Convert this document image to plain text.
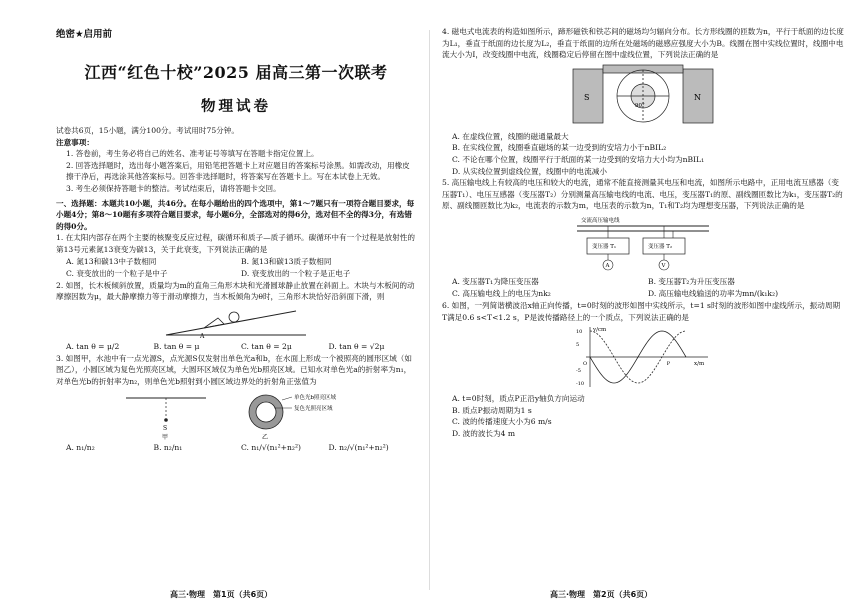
绝密★启用前
江西“红色十校”2025 届高三第一次联考
物理试卷
试卷共6页，15小题，满分100分。考试用时75分钟。
注意事项：
1. 答卷前，考生务必将自己的姓名、准考证号等填写在答题卡指定位置上。
2. 回答选择题时，选出每小题答案后，用铅笔把答题卡上对应题目的答案标号涂黑。如需改动，用橡皮擦干净后，再选涂其他答案标号。回答非选择题时，将答案写在答题卡上。写在本试卷上无效。
3. 考生必须保持答题卡的整洁。考试结束后，请将答题卡交回。
一、选择题：本题共10小题，共46分。在每小题给出的四个选项中，第1～7题只有一项符合题目要求，每小题4分；第8～10题有多项符合题目要求，每小题6分，全部选对的得6分，选对但不全的得3分，有选错的得0分。
1. 在太阳内部存在两个主要的核聚变反应过程，碳循环和质子—质子循环。碳循环中有一个过程是放射性的第13号元素氮13衰变为碳13，关于此衰变，下列说法正确的是
A. 氮13和碳13中子数相同	B. 氮13和碳13质子数相同
C. 衰变放出的一个粒子是中子	D. 衰变放出的一个粒子是正电子
2. 如图，长木板倾斜放置，质量均为m的直角三角形木块和光滑圆球静止放置在斜面上。木块与木板间的动摩擦因数为μ，最大静摩擦力等于滑动摩擦力，当木板倾角为θ时，三角形木块恰好沿斜面下滑，则
A
A. tan θ = μ/2	B. tan θ = μ	C. tan θ = 2μ	D. tan θ = √2μ
3. 如图甲，水池中有一点光源S，点光源S仅发射出单色光a和b，在水面上形成一个被照亮的圆形区域（如图乙），小圆区域为复色光照亮区域，大圆环区域仅为单色光b照亮区域。已知水对单色光a的折射率为n₁，对单色光b的折射率为n₂，则单色光b照射到小圆区域边界处的折射角正弦值为
S
甲
单色光b照亮区域
复色光照亮区域
乙
A. n₁/n₂	B. n₂/n₁	C. n₁/√(n₁²+n₂²)	D. n₂/√(n₁²+n₂²)
高三·物理　第1页（共6页）
4. 磁电式电流表的构造如图所示，蹄形磁铁和铁芯间的磁场均匀辐向分布。长方形线圈的匝数为n，平行于纸面的边长度为L₁，垂直于纸面的边长度为L₂，垂直于纸面的边所在处磁场的磁感应强度大小为B。线圈在图中实线位置时，线圈中电流大小为I，改变线圈中电流，线圈稳定后停留在图中虚线位置，下列说法正确的是
S	N
90°
A. 在虚线位置，线圈的磁通量最大
B. 在实线位置，线圈垂直磁场的某一边受到的安培力小于nBIL₂
C. 不论在哪个位置，线圈平行于纸面的某一边受到的安培力大小均为nBIL₁
D. 从实线位置到虚线位置，线圈中的电流减小
5. 高压输电线上有较高的电压和较大的电流，通常不能直接测量其电压和电流，如图所示电路中，正用电流互感器（变压器T₁）、电压互感器（变压器T₂）分别测量高压输电线的电流、电压，变压器T₁的原、副线圈匝数比为k₁，变压器T₂的原、副线圈匝数比为k₂，电流表的示数为m，电压表的示数为n，T₁和T₂均为理想变压器，下列说法正确的是
交流高压输电线
变压器 T₁	变压器 T₂
A	V
A. 变压器T₁为降压变压器	B. 变压器T₂为升压变压器
C. 高压输电线上的电压为nk₂	D. 高压输电线输送的功率为mn/(k₁k₂)
6. 如图，一列简谐横波沿x轴正向传播，t=0时刻的波形如图中实线所示，t=1 s时刻的波形如图中虚线所示，振动周期T满足0.6 s<T<1.2 s，P是波传播路径上的一个质点，下列说法正确的是
y/cm
x/m
10
5
-5
-10
O	P
A. t=0时刻，质点P正沿y轴负方向运动
B. 质点P振动周期为1 s
C. 波的传播速度大小为6 m/s
D. 波的波长为4 m
高三·物理　第2页（共6页）
